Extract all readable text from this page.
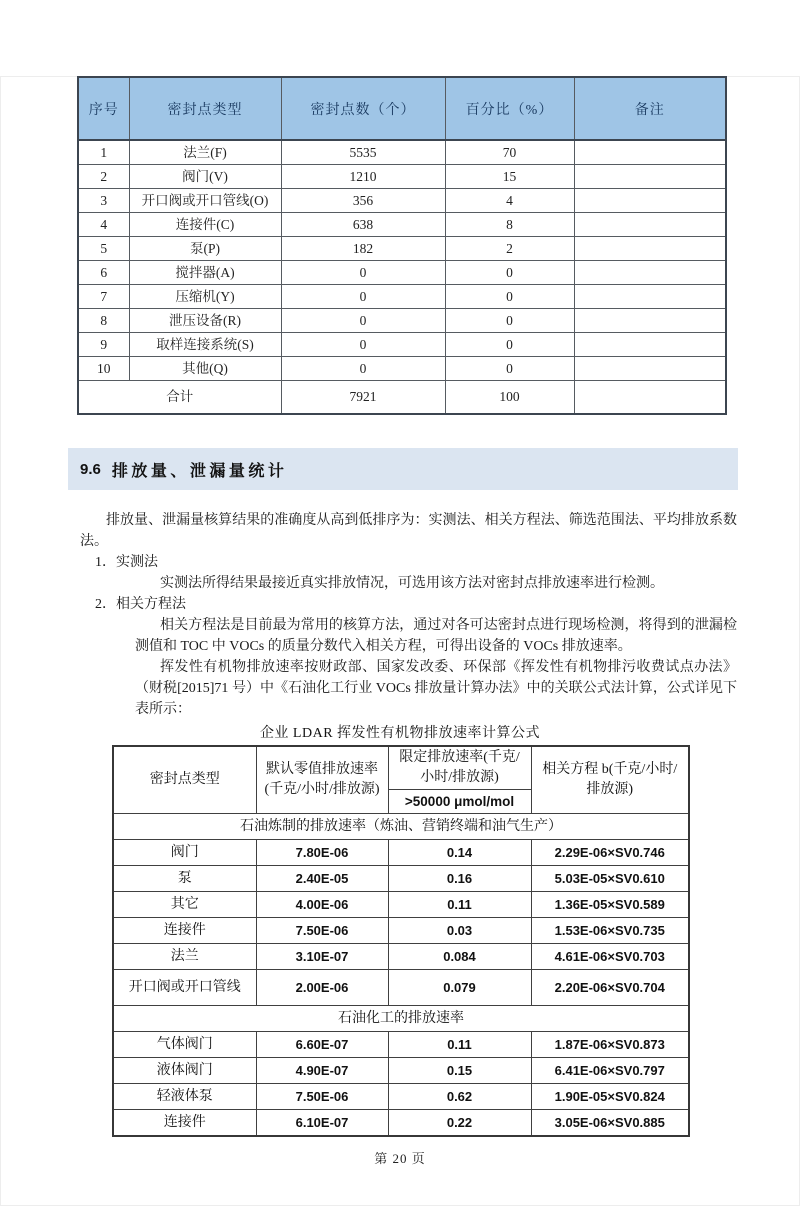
序号	密封点类型	密封点数（个）	百分比（%）	备注
1	法兰(F)	5535	70	
2	阀门(V)	1210	15	
3	开口阀或开口管线(O)	356	4	
4	连接件(C)	638	8	
5	泵(P)	182	2	
6	搅拌器(A)	0	0	
7	压缩机(Y)	0	0	
8	泄压设备(R)	0	0	
9	取样连接系统(S)	0	0	
10	其他(Q)	0	0	
合计		7921	100	
9.6 排放量、泄漏量统计

排放量、泄漏量核算结果的准确度从高到低排序为：实测法、相关方程法、筛选范围法、平均排放系数法。

1．实测法

实测法所得结果最接近真实排放情况，可选用该方法对密封点排放速率进行检测。

2．相关方程法

相关方程法是目前最为常用的核算方法，通过对各可达密封点进行现场检测，将得到的泄漏检测值和 TOC 中 VOCs 的质量分数代入相关方程，可得出设备的 VOCs 排放速率。

挥发性有机物排放速率按财政部、国家发改委、环保部《挥发性有机物排污收费试点办法》（财税[2015]71 号）中《石油化工行业 VOCs 排放量计算办法》中的关联公式法计算，公式详见下表所示：

企业 LDAR 挥发性有机物排放速率计算公式
密封点类型	默认零值排放速率(千克/小时/排放源)	限定排放速率(千克/小时/排放源)	相关方程 b(千克/小时/排放源)
		>50000 μmol/mol	
石油炼制的排放速率（炼油、营销终端和油气生产）			
阀门	7.80E-06	0.14	2.29E-06×SV0.746
泵	2.40E-05	0.16	5.03E-05×SV0.610
其它	4.00E-06	0.11	1.36E-05×SV0.589
连接件	7.50E-06	0.03	1.53E-06×SV0.735
法兰	3.10E-07	0.084	4.61E-06×SV0.703
开口阀或开口管线	2.00E-06	0.079	2.20E-06×SV0.704
石油化工的排放速率			
气体阀门	6.60E-07	0.11	1.87E-06×SV0.873
液体阀门	4.90E-07	0.15	6.41E-06×SV0.797
轻液体泵	7.50E-06	0.62	1.90E-05×SV0.824
连接件	6.10E-07	0.22	3.05E-06×SV0.885
第 20 页
